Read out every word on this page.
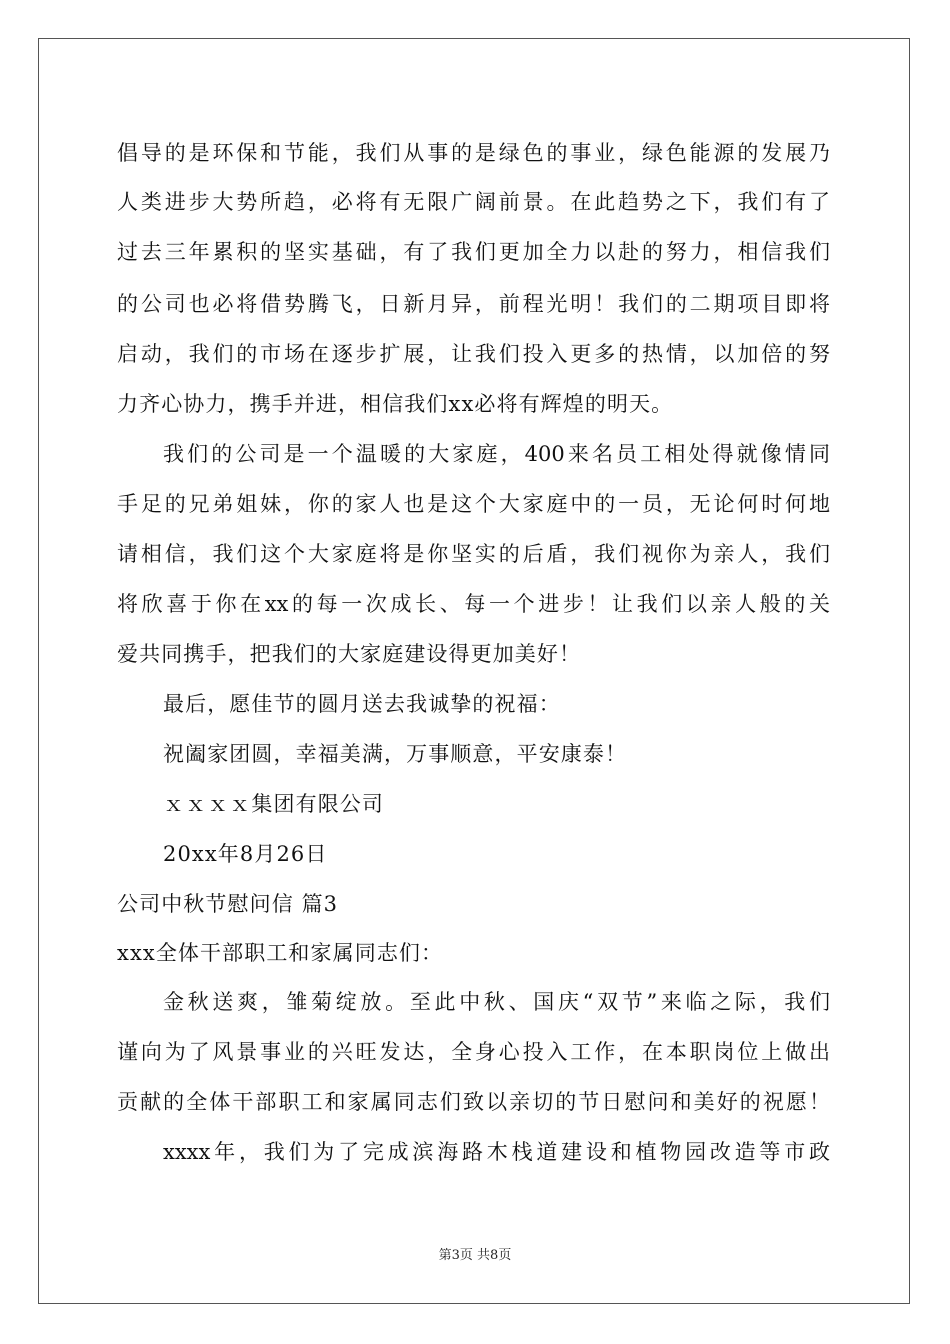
倡导的是环保和节能，我们从事的是绿色的事业，绿色能源的发展乃
人类进步大势所趋，必将有无限广阔前景。在此趋势之下，我们有了
过去三年累积的坚实基础，有了我们更加全力以赴的努力，相信我们
的公司也必将借势腾飞，日新月异，前程光明！我们的二期项目即将
启动，我们的市场在逐步扩展，让我们投入更多的热情，以加倍的努
力齐心协力，携手并进，相信我们xx必将有辉煌的明天。
我们的公司是一个温暖的大家庭，400来名员工相处得就像情同
手足的兄弟姐妹，你的家人也是这个大家庭中的一员，无论何时何地
请相信，我们这个大家庭将是你坚实的后盾，我们视你为亲人，我们
将欣喜于你在xx的每一次成长、每一个进步！让我们以亲人般的关
爱共同携手，把我们的大家庭建设得更加美好！
最后，愿佳节的圆月送去我诚挚的祝福：
祝阖家团圆，幸福美满，万事顺意，平安康泰！
ｘｘｘｘ集团有限公司
20xx年8月26日
公司中秋节慰问信 篇3
xxx全体干部职工和家属同志们：
金秋送爽，雏菊绽放。至此中秋、国庆“双节”来临之际，我们
谨向为了风景事业的兴旺发达，全身心投入工作，在本职岗位上做出
贡献的全体干部职工和家属同志们致以亲切的节日慰问和美好的祝愿！
xxxx年，我们为了完成滨海路木栈道建设和植物园改造等市政
第3页 共8页
